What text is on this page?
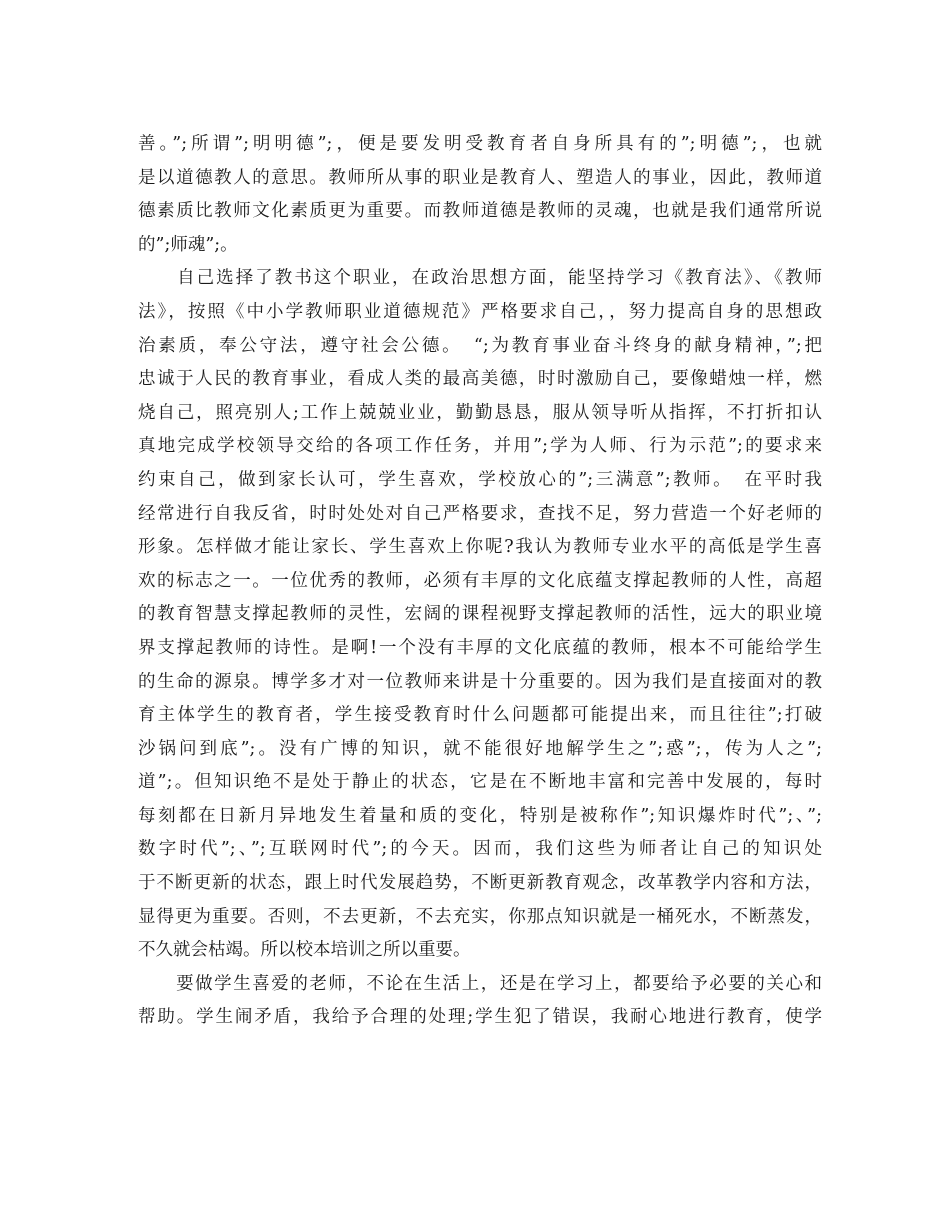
善。”;所谓”;明明德”;，便是要发明受教育者自身所具有的”;明德”;，也就
是以道德教人的意思。教师所从事的职业是教育人、塑造人的事业，因此，教师道
德素质比教师文化素质更为重要。而教师道德是教师的灵魂，也就是我们通常所说
的”;师魂”;。
　　自己选择了教书这个职业，在政治思想方面，能坚持学习《教育法》、《教师
法》，按照《中小学教师职业道德规范》严格要求自己，，努力提高自身的思想政
治素质，奉公守法，遵守社会公德。　“;为教育事业奋斗终身的献身精神，”;把
忠诚于人民的教育事业，看成人类的最高美德，时时激励自己，要像蜡烛一样，燃
烧自己，照亮别人;工作上兢兢业业，勤勤恳恳，服从领导听从指挥，不打折扣认
真地完成学校领导交给的各项工作任务，并用”;学为人师、行为示范”;的要求来
约束自己，做到家长认可，学生喜欢，学校放心的”;三满意”;教师。　在平时我
经常进行自我反省，时时处处对自己严格要求，查找不足，努力营造一个好老师的
形象。怎样做才能让家长、学生喜欢上你呢?我认为教师专业水平的高低是学生喜
欢的标志之一。一位优秀的教师，必须有丰厚的文化底蕴支撑起教师的人性，高超
的教育智慧支撑起教师的灵性，宏阔的课程视野支撑起教师的活性，远大的职业境
界支撑起教师的诗性。是啊!一个没有丰厚的文化底蕴的教师，根本不可能给学生
的生命的源泉。博学多才对一位教师来讲是十分重要的。因为我们是直接面对的教
育主体学生的教育者，学生接受教育时什么问题都可能提出来，而且往往”;打破
沙锅问到底”;。没有广博的知识，就不能很好地解学生之”;惑”;，传为人之”;
道”;。但知识绝不是处于静止的状态，它是在不断地丰富和完善中发展的，每时
每刻都在日新月异地发生着量和质的变化，特别是被称作”;知识爆炸时代”;、”;
数字时代”;、”;互联网时代”;的今天。因而，我们这些为师者让自己的知识处
于不断更新的状态，跟上时代发展趋势，不断更新教育观念，改革教学内容和方法，
显得更为重要。否则，不去更新，不去充实，你那点知识就是一桶死水，不断蒸发，
不久就会枯竭。所以校本培训之所以重要。
　　要做学生喜爱的老师，不论在生活上，还是在学习上，都要给予必要的关心和
帮助。学生闹矛盾，我给予合理的处理;学生犯了错误，我耐心地进行教育，使学
